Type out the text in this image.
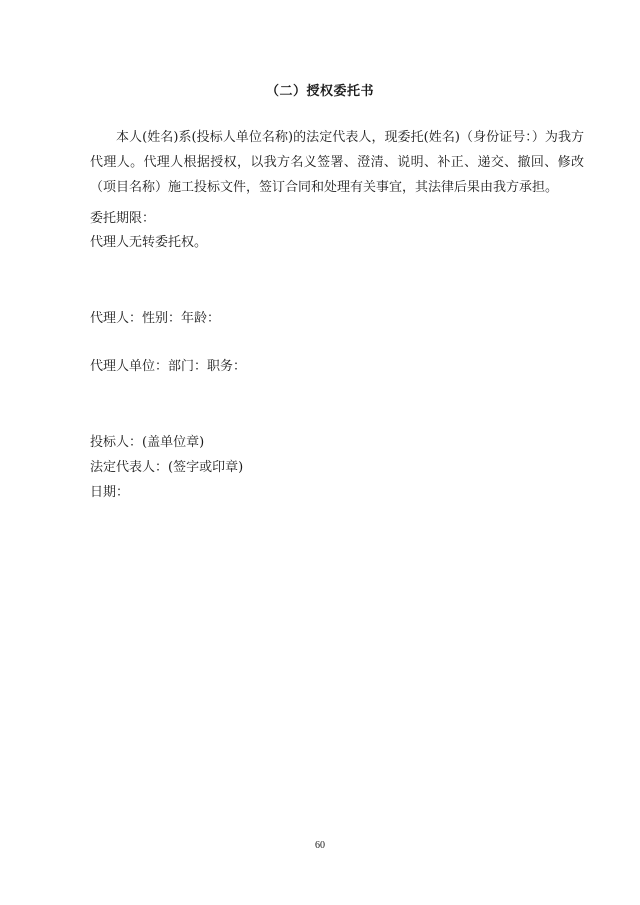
（二）授权委托书

本人(姓名)系(投标人单位名称)的法定代表人，现委托(姓名)（身份证号：）为我方代理人。代理人根据授权，以我方名义签署、澄清、说明、补正、递交、撤回、修改（项目名称）施工投标文件，签订合同和处理有关事宜，其法律后果由我方承担。

委托期限：

代理人无转委托权。

代理人：性别：年龄：

代理人单位：部门：职务：

投标人：(盖单位章)

法定代表人：(签字或印章)

日期：

60
